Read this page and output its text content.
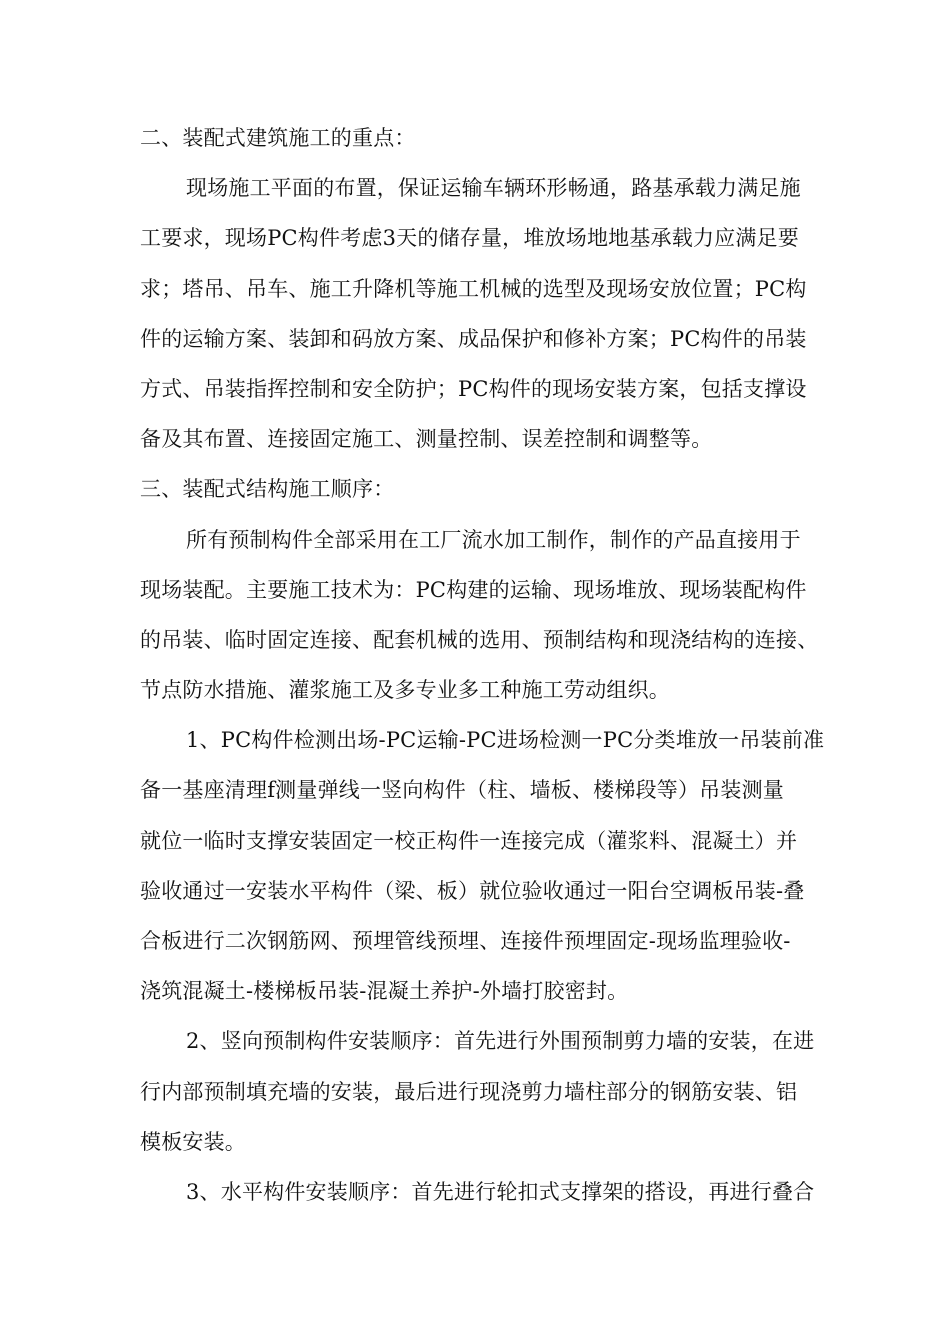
二、装配式建筑施工的重点：
现场施工平面的布置，保证运输车辆环形畅通，路基承载力满足施
工要求，现场PC构件考虑3天的储存量，堆放场地地基承载力应满足要
求；塔吊、吊车、施工升降机等施工机械的选型及现场安放位置；PC构
件的运输方案、装卸和码放方案、成品保护和修补方案；PC构件的吊装
方式、吊装指挥控制和安全防护；PC构件的现场安装方案，包括支撑设
备及其布置、连接固定施工、测量控制、误差控制和调整等。
三、装配式结构施工顺序：
所有预制构件全部采用在工厂流水加工制作，制作的产品直接用于
现场装配。主要施工技术为：PC构建的运输、现场堆放、现场装配构件
的吊装、临时固定连接、配套机械的选用、预制结构和现浇结构的连接、
节点防水措施、灌浆施工及多专业多工种施工劳动组织。
1、PC构件检测出场-PC运输-PC进场检测一PC分类堆放一吊装前准
备一基座清理f测量弹线一竖向构件（柱、墙板、楼梯段等）吊装测量
就位一临时支撑安装固定一校正构件一连接完成（灌浆料、混凝土）并
验收通过一安装水平构件（梁、板）就位验收通过一阳台空调板吊装-叠
合板进行二次钢筋网、预埋管线预埋、连接件预埋固定-现场监理验收-
浇筑混凝土-楼梯板吊装-混凝土养护-外墙打胶密封。
2、竖向预制构件安装顺序：首先进行外围预制剪力墙的安装，在进
行内部预制填充墙的安装，最后进行现浇剪力墙柱部分的钢筋安装、铝
模板安装。
3、水平构件安装顺序：首先进行轮扣式支撑架的搭设，再进行叠合
